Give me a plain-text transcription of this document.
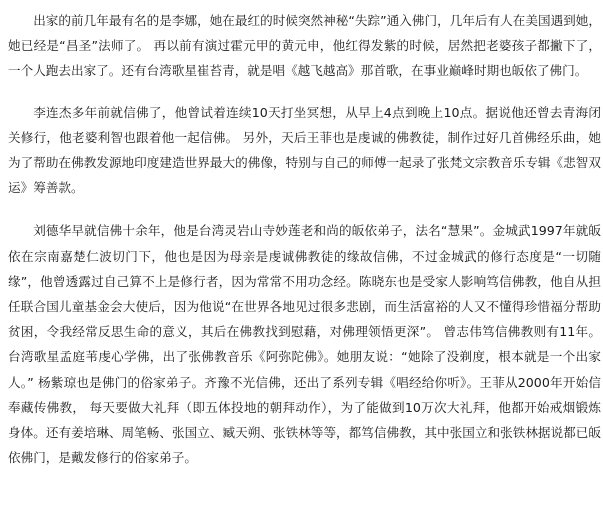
出家的前几年最有名的是李娜，她在最红的时候突然神秘“失踪”通入佛门，几年后有人在美国遇到她，她已经是“昌圣”法师了。 再以前有演过霍元甲的黄元申，他红得发紫的时候，居然把老婆孩子都撇下了，一个人跑去出家了。还有台湾歌星崔苔青，就是唱《越飞越高》那首歌，在事业巅峰时期也皈依了佛门。

李连杰多年前就信佛了，他曾试着连续10天打坐冥想，从早上4点到晚上10点。据说他还曾去青海闭关修行，他老婆利智也跟着他一起信佛。 另外，天后王菲也是虔诚的佛教徒，制作过好几首佛经乐曲，她为了帮助在佛教发源地印度建造世界最大的佛像，特别与自己的师傅一起录了张梵文宗教音乐专辑《悲智双运》筹善款。

刘德华早就信佛十余年，他是台湾灵岩山寺妙莲老和尚的皈依弟子，法名“慧果”。金城武1997年就皈依在宗南嘉楚仁波切门下，他也是因为母亲是虔诚佛教徒的缘故信佛，不过金城武的修行态度是“一切随缘”，他曾透露过自己算不上是修行者，因为常常不用功念经。陈晓东也是受家人影响笃信佛教，他自从担任联合国儿童基金会大使后，因为他说“在世界各地见过很多悲剧，而生活富裕的人又不懂得珍惜福分帮助贫困，令我经常反思生命的意义，其后在佛教找到慰藉，对佛理领悟更深”。 曾志伟笃信佛教则有11年。台湾歌星孟庭苇虔心学佛，出了张佛教音乐《阿弥陀佛》。她朋友说：“她除了没剃度，根本就是一个出家人。” 杨紫琼也是佛门的俗家弟子。齐豫不光信佛，还出了系列专辑《唱经给你听》。王菲从2000年开始信奉藏传佛教， 每天要做大礼拜（即五体投地的朝拜动作），为了能做到10万次大礼拜，他都开始戒烟锻炼身体。还有姜培琳、周笔畅、张国立、臧天朔、张铁林等等，都笃信佛教，其中张国立和张铁林据说都已皈依佛门，是戴发修行的俗家弟子。
